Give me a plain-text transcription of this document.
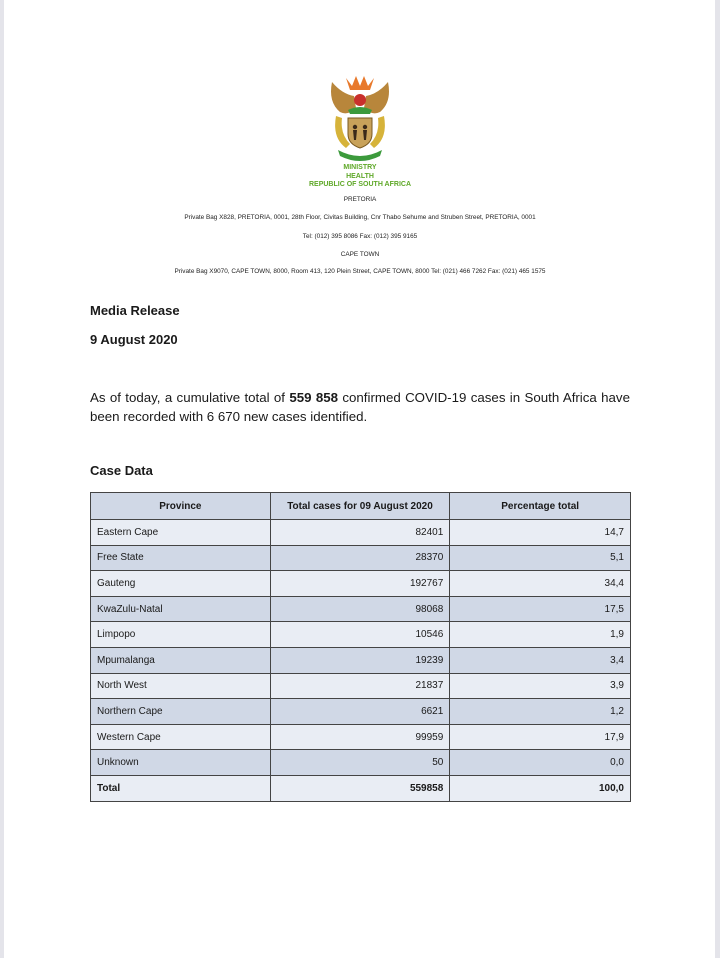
MINISTRY
HEALTH
REPUBLIC OF SOUTH AFRICA
PRETORIA
Private Bag X828, PRETORIA, 0001, 28th Floor, Civitas Building, Cnr Thabo Sehume and Struben Street, PRETORIA, 0001
Tel: (012) 395 8086 Fax: (012) 395 9165
CAPE TOWN
Private Bag X9070, CAPE TOWN, 8000, Room 413, 120 Plein Street, CAPE TOWN, 8000 Tel: (021) 466 7262 Fax: (021) 465 1575
Media Release
9 August 2020
As of today, a cumulative total of 559 858 confirmed COVID-19 cases in South Africa have been recorded with 6 670 new cases identified.
Case Data
Province	Total cases for 09 August 2020	Percentage total
Eastern Cape	82401	14,7
Free State	28370	5,1
Gauteng	192767	34,4
KwaZulu-Natal	98068	17,5
Limpopo	10546	1,9
Mpumalanga	19239	3,4
North West	21837	3,9
Northern Cape	6621	1,2
Western Cape	99959	17,9
Unknown	50	0,0
Total	559858	100,0
